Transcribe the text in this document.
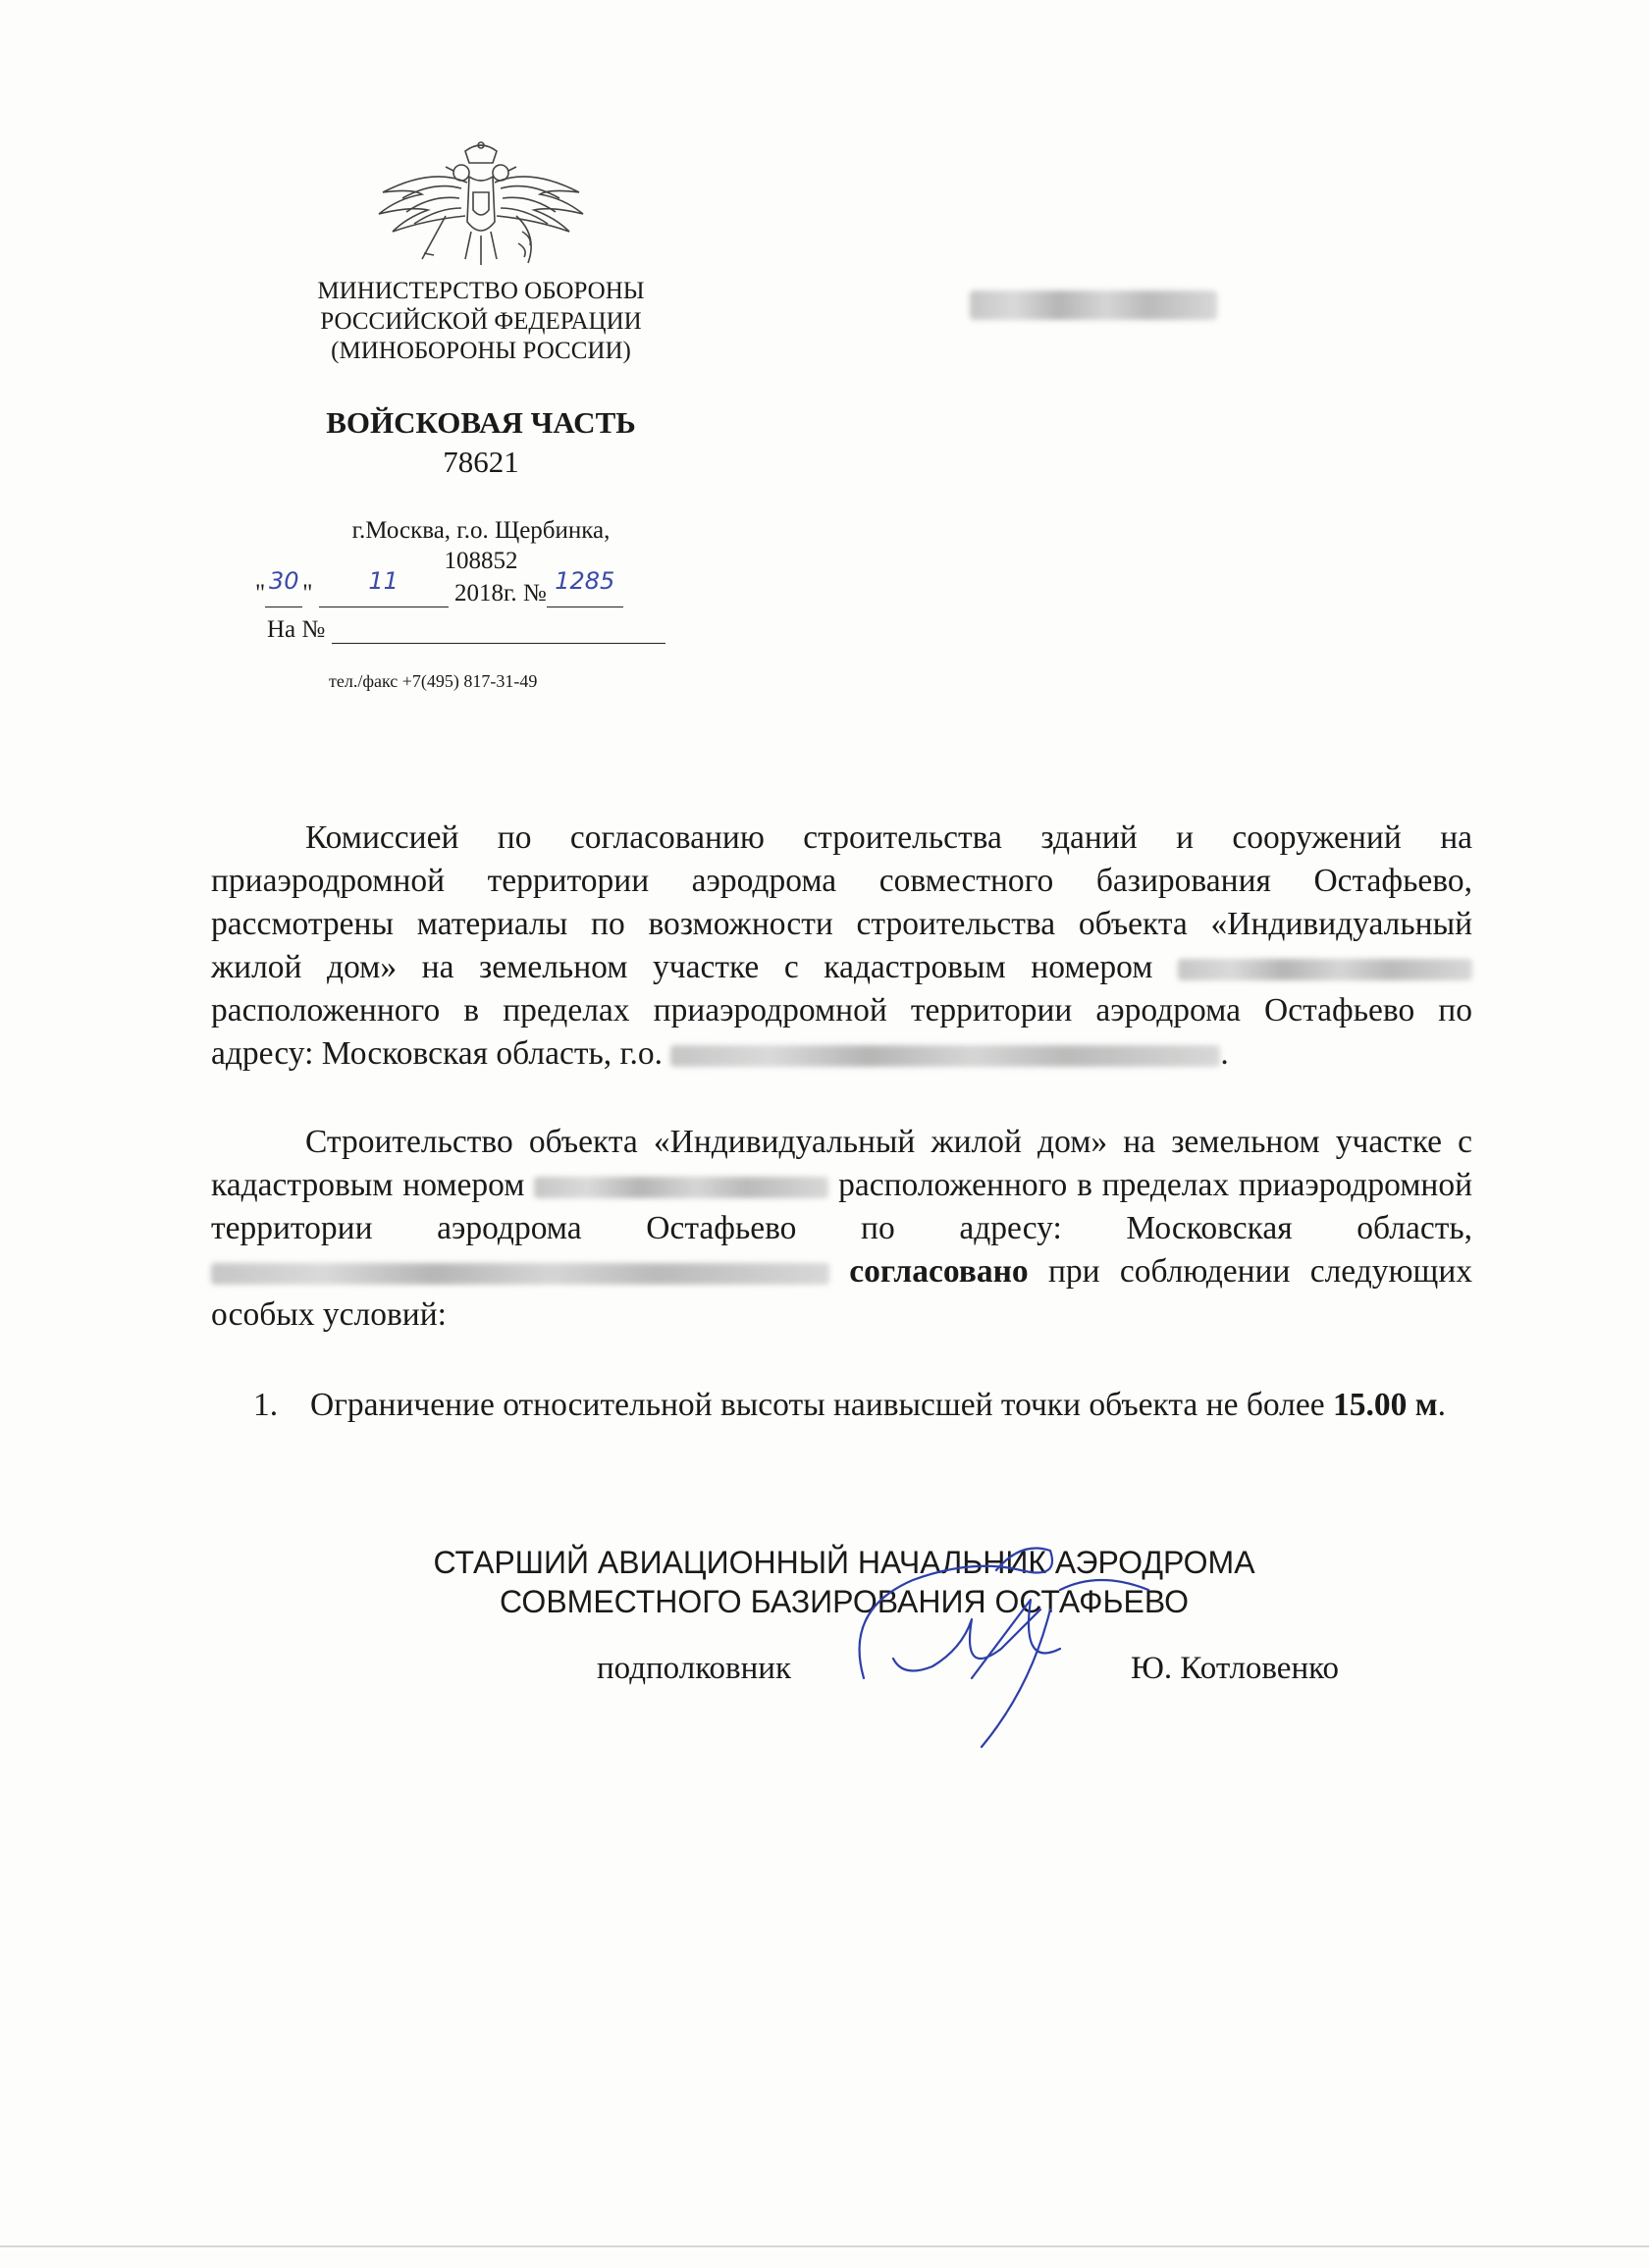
МИНИСТЕРСТВО ОБОРОНЫ
РОССИЙСКОЙ ФЕДЕРАЦИИ
(МИНОБОРОНЫ РОССИИ)
ВОЙСКОВАЯ ЧАСТЬ
78621
г.Москва, г.о. Щербинка,
108852
" 30 "	11	2018г. № 1285
На №
тел./факс +7(495) 817-31-49
Комиссией по согласованию строительства зданий и сооружений на приаэродромной территории аэродрома совместного базирования Остафьево, рассмотрены материалы по возможности строительства объекта «Индивидуальный жилой дом» на земельном участке с кадастровым номером  расположенного в пределах приаэродромной территории аэродрома Остафьево по адресу: Московская область, г.о.	.
Строительство объекта «Индивидуальный жилой дом» на земельном участке с кадастровым номером	расположенного в пределах приаэродромной территории аэродрома Остафьево по адресу: Московская область,  согласовано при соблюдении следующих особых условий:
1. Ограничение относительной высоты наивысшей точки объекта не более 15.00 м.
СТАРШИЙ АВИАЦИОННЫЙ НАЧАЛЬНИК АЭРОДРОМА
СОВМЕСТНОГО БАЗИРОВАНИЯ ОСТАФЬЕВО
подполковник	Ю. Котловенко
